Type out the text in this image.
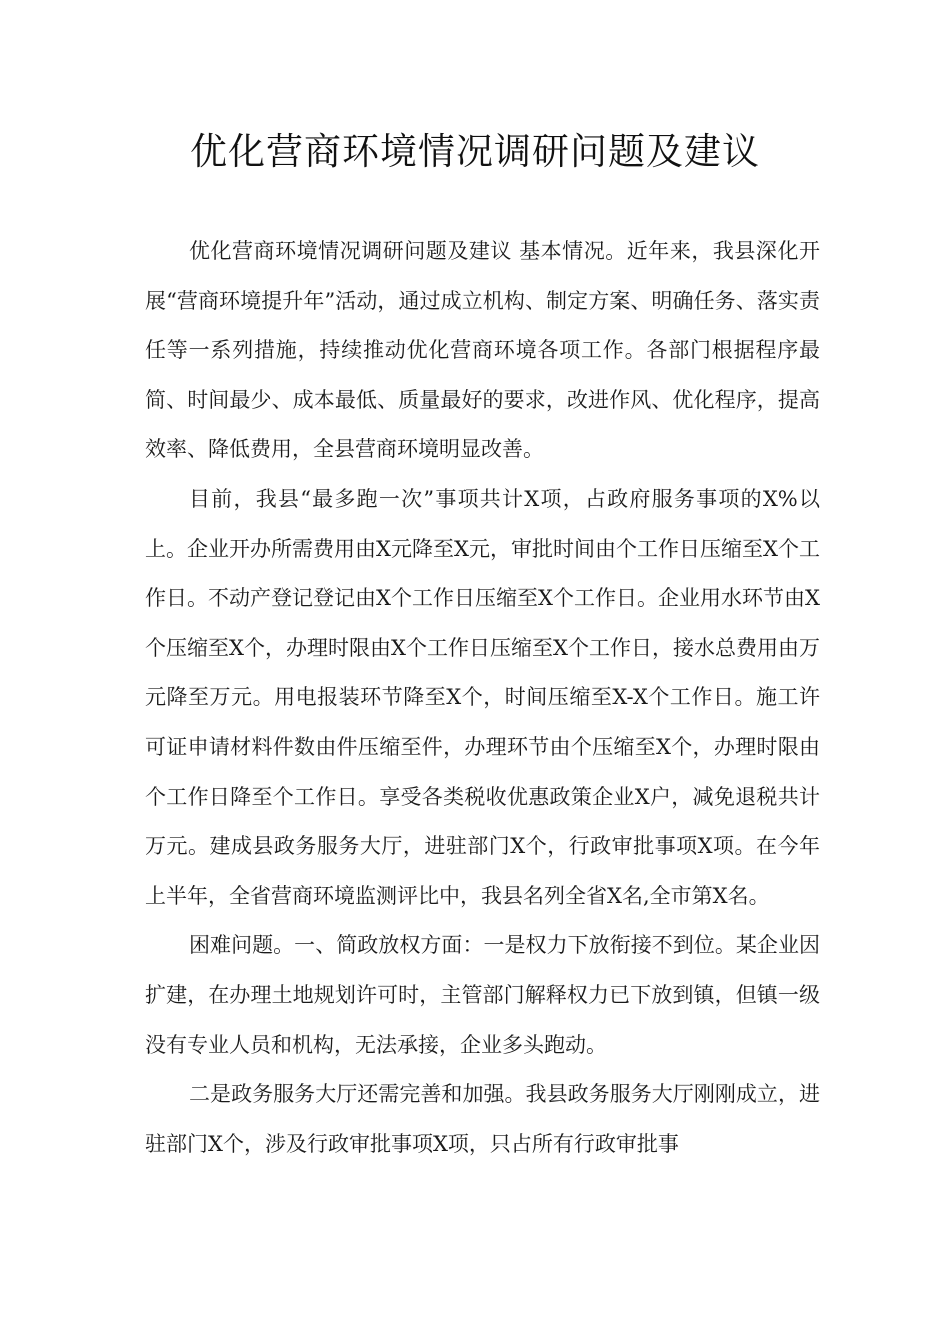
优化营商环境情况调研问题及建议

优化营商环境情况调研问题及建议 基本情况。近年来，我县深化开展“营商环境提升年”活动，通过成立机构、制定方案、明确任务、落实责任等一系列措施，持续推动优化营商环境各项工作。各部门根据程序最简、时间最少、成本最低、质量最好的要求，改进作风、优化程序，提高效率、降低费用，全县营商环境明显改善。

目前，我县“最多跑一次”事项共计X项，占政府服务事项的X%以上。企业开办所需费用由X元降至X元，审批时间由个工作日压缩至X个工作日。不动产登记登记由X个工作日压缩至X个工作日。企业用水环节由X个压缩至X个，办理时限由X个工作日压缩至X个工作日，接水总费用由万元降至万元。用电报装环节降至X个，时间压缩至X-X个工作日。施工许可证申请材料件数由件压缩至件，办理环节由个压缩至X个，办理时限由个工作日降至个工作日。享受各类税收优惠政策企业X户，减免退税共计万元。建成县政务服务大厅，进驻部门X个，行政审批事项X项。在今年上半年，全省营商环境监测评比中，我县名列全省X名,全市第X名。

困难问题。一、简政放权方面：一是权力下放衔接不到位。某企业因扩建，在办理土地规划许可时，主管部门解释权力已下放到镇，但镇一级没有专业人员和机构，无法承接，企业多头跑动。

二是政务服务大厅还需完善和加强。我县政务服务大厅刚刚成立，进驻部门X个，涉及行政审批事项X项，只占所有行政审批事
